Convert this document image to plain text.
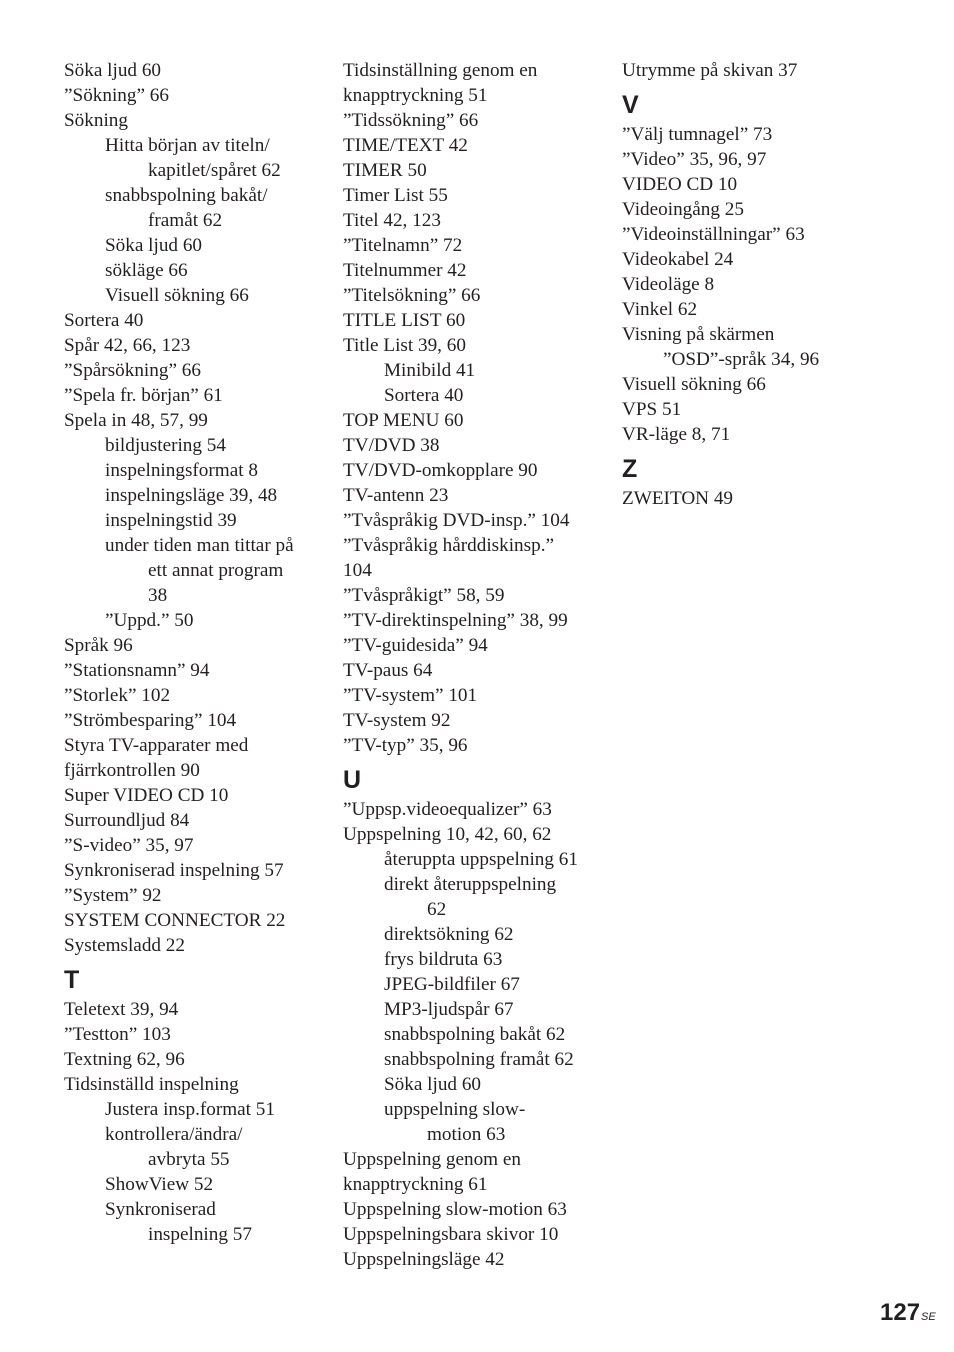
Söka ljud 60
”Sökning” 66
Sökning
Hitta början av titeln/
kapitlet/spåret 62
snabbspolning bakåt/
framåt 62
Söka ljud 60
sökläge 66
Visuell sökning 66
Sortera 40
Spår 42, 66, 123
”Spårsökning” 66
”Spela fr. början” 61
Spela in 48, 57, 99
bildjustering 54
inspelningsformat 8
inspelningsläge 39, 48
inspelningstid 39
under tiden man tittar på
ett annat program
38
”Uppd.” 50
Språk 96
”Stationsnamn” 94
”Storlek” 102
”Strömbesparing” 104
Styra TV-apparater med
fjärrkontrollen 90
Super VIDEO CD 10
Surroundljud 84
”S-video” 35, 97
Synkroniserad inspelning 57
”System” 92
SYSTEM CONNECTOR 22
Systemsladd 22
T
Teletext 39, 94
”Testton” 103
Textning 62, 96
Tidsinställd inspelning
Justera insp.format 51
kontrollera/ändra/
avbryta 55
ShowView 52
Synkroniserad
inspelning 57
Tidsinställning genom en
knapptryckning 51
”Tidssökning” 66
TIME/TEXT 42
TIMER 50
Timer List 55
Titel 42, 123
”Titelnamn” 72
Titelnummer 42
”Titelsökning” 66
TITLE LIST 60
Title List 39, 60
Minibild 41
Sortera 40
TOP MENU 60
TV/DVD 38
TV/DVD-omkopplare 90
TV-antenn 23
”Tvåspråkig DVD-insp.” 104
”Tvåspråkig hårddiskinsp.”
104
”Tvåspråkigt” 58, 59
”TV-direktinspelning” 38, 99
”TV-guidesida” 94
TV-paus 64
”TV-system” 101
TV-system 92
”TV-typ” 35, 96
U
”Uppsp.videoequalizer” 63
Uppspelning 10, 42, 60, 62
återuppta uppspelning 61
direkt återuppspelning
62
direktsökning 62
frys bildruta 63
JPEG-bildfiler 67
MP3-ljudspår 67
snabbspolning bakåt 62
snabbspolning framåt 62
Söka ljud 60
uppspelning slow-
motion 63
Uppspelning genom en
knapptryckning 61
Uppspelning slow-motion 63
Uppspelningsbara skivor 10
Uppspelningsläge 42
Utrymme på skivan 37
V
”Välj tumnagel” 73
”Video” 35, 96, 97
VIDEO CD 10
Videoingång 25
”Videoinställningar” 63
Videokabel 24
Videoläge 8
Vinkel 62
Visning på skärmen
”OSD”-språk 34, 96
Visuell sökning 66
VPS 51
VR-läge 8, 71
Z
ZWEITON 49
$127^{SE}$
